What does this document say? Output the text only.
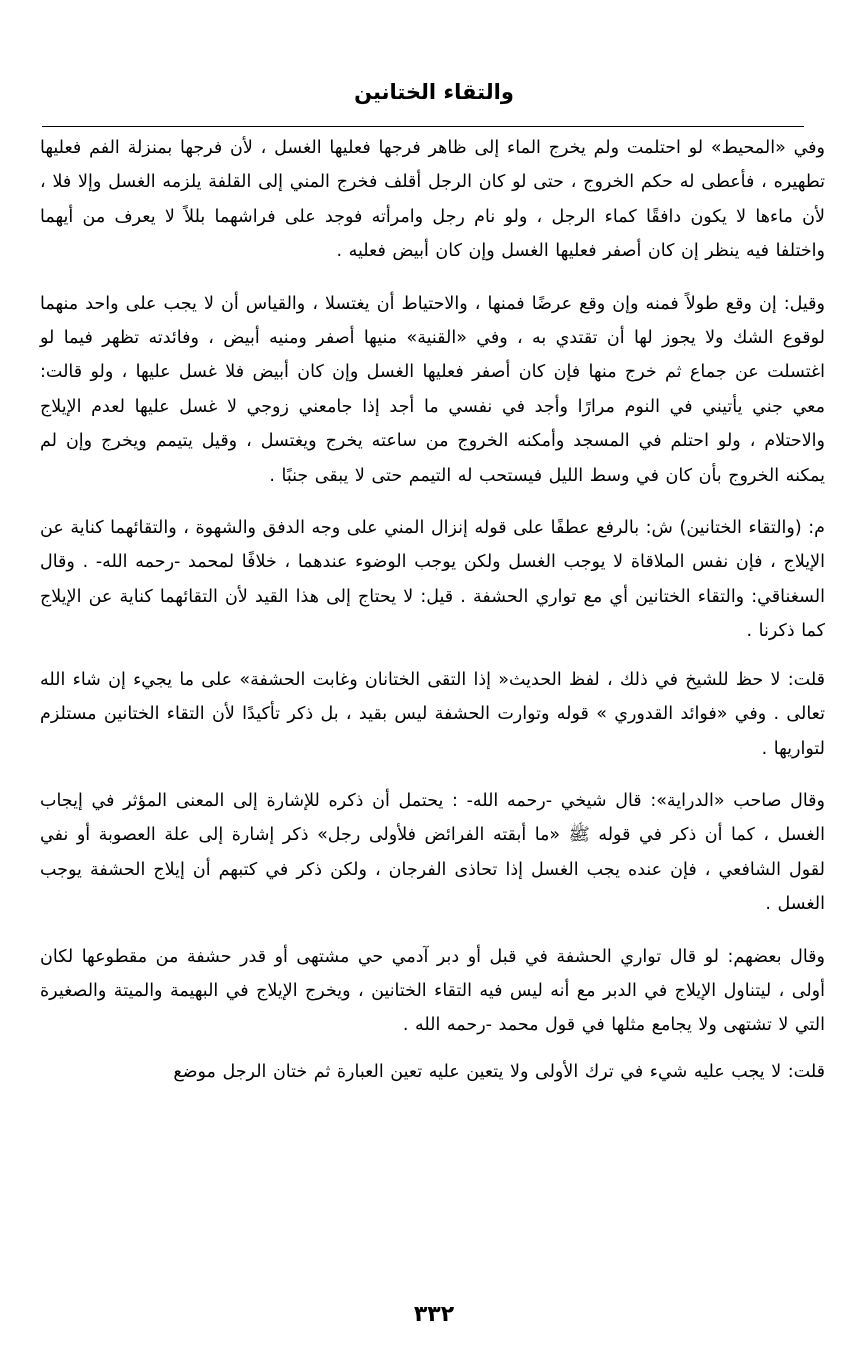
والتقاء الختانين

وفي «المحيط» لو احتلمت ولم يخرج الماء إلى ظاهر فرجها فعليها الغسل ، لأن فرجها بمنزلة الفم فعليها تطهيره ، فأعطى له حكم الخروج ، حتى لو كان الرجل أقلف فخرج المني إلى القلفة يلزمه الغسل وإلا فلا ، لأن ماءها لا يكون دافقًا كماء الرجل ، ولو نام رجل وامرأته فوجد على فراشهما بللاً لا يعرف من أيهما واختلفا فيه ينظر إن كان أصفر فعليها الغسل وإن كان أبيض فعليه .

وقيل: إن وقع طولاً فمنه وإن وقع عرضًا فمنها ، والاحتياط أن يغتسلا ، والقياس أن لا يجب على واحد منهما لوقوع الشك ولا يجوز لها أن تقتدي به ، وفي «القنية» منيها أصفر ومنيه أبيض ، وفائدته تظهر فيما لو اغتسلت عن جماع ثم خرج منها فإن كان أصفر فعليها الغسل وإن كان أبيض فلا غسل عليها ، ولو قالت: معي جني يأتيني في النوم مرارًا وأجد في نفسي ما أجد إذا جامعني زوجي لا غسل عليها لعدم الإيلاج والاحتلام ، ولو احتلم في المسجد وأمكنه الخروج من ساعته يخرج ويغتسل ، وقيل يتيمم ويخرج وإن لم يمكنه الخروج بأن كان في وسط الليل فيستحب له التيمم حتى لا يبقى جنبًا .

م: (والتقاء الختانين) ش: بالرفع عطفًا على قوله إنزال المني على وجه الدفق والشهوة ، والتقائهما كناية عن الإيلاج ، فإن نفس الملاقاة لا يوجب الغسل ولكن يوجب الوضوء عندهما ، خلافًا لمحمد -رحمه الله- . وقال السغناقي: والتقاء الختانين أي مع تواري الحشفة . قيل: لا يحتاج إلى هذا القيد لأن التقائهما كناية عن الإيلاج كما ذكرنا .

قلت: لا حظ للشيخ في ذلك ، لفظ الحديث« إذا التقى الختانان وغابت الحشفة» على ما يجيء إن شاء الله تعالى . وفي «فوائد القدوري » قوله وتوارت الحشفة ليس بقيد ، بل ذكر تأكيدًا لأن التقاء الختانين مستلزم لتواريها .

وقال صاحب «الدراية»: قال شيخي -رحمه الله- : يحتمل أن ذكره للإشارة إلى المعنى المؤثر في إيجاب الغسل ، كما أن ذكر في قوله ﷺ «ما أبقته الفرائض فلأولى رجل» ذكر إشارة إلى علة العصوبة أو نفي لقول الشافعي ، فإن عنده يجب الغسل إذا تحاذى الفرجان ، ولكن ذكر في كتبهم أن إيلاج الحشفة يوجب الغسل .

وقال بعضهم: لو قال تواري الحشفة في قبل أو دبر آدمي حي مشتهى أو قدر حشفة من مقطوعها لكان أولى ، ليتناول الإيلاج في الدبر مع أنه ليس فيه التقاء الختانين ، ويخرج الإيلاج في البهيمة والميتة والصغيرة التي لا تشتهى ولا يجامع مثلها في قول محمد -رحمه الله .

قلت: لا يجب عليه شيء في ترك الأولى ولا يتعين عليه تعين العبارة ثم ختان الرجل موضع

٣٣٢
